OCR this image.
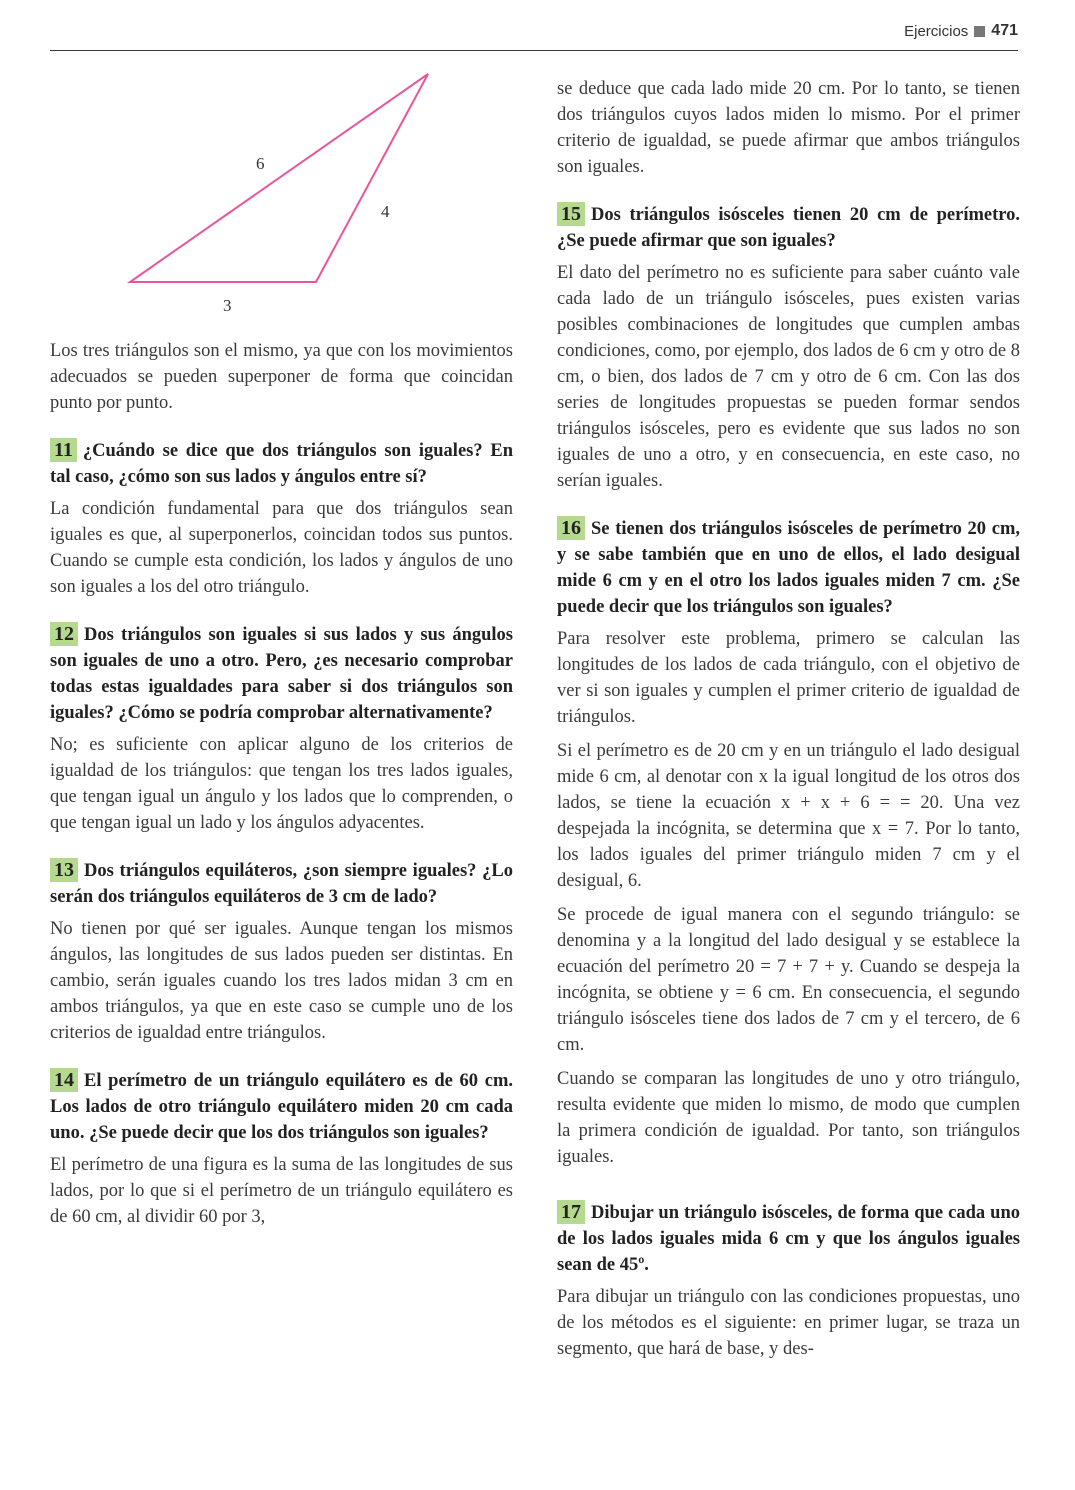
Ejercicios 471
6
4
3

Los tres triángulos son el mismo, ya que con los movimientos adecuados se pueden superponer de forma que coincidan punto por punto.

11 ¿Cuándo se dice que dos triángulos son iguales? En tal caso, ¿cómo son sus lados y ángulos entre sí?

La condición fundamental para que dos triángulos sean iguales es que, al superponerlos, coincidan todos sus puntos. Cuando se cumple esta condición, los lados y ángulos de uno son iguales a los del otro triángulo.

12 Dos triángulos son iguales si sus lados y sus ángulos son iguales de uno a otro. Pero, ¿es necesario comprobar todas estas igualdades para saber si dos triángulos son iguales? ¿Cómo se podría comprobar alternativamente?

No; es suficiente con aplicar alguno de los criterios de igualdad de los triángulos: que tengan los tres lados iguales, que tengan igual un ángulo y los lados que lo comprenden, o que tengan igual un lado y los ángulos adyacentes.

13 Dos triángulos equiláteros, ¿son siempre iguales? ¿Lo serán dos triángulos equiláteros de 3 cm de lado?

No tienen por qué ser iguales. Aunque tengan los mismos ángulos, las longitudes de sus lados pueden ser distintas. En cambio, serán iguales cuando los tres lados midan 3 cm en ambos triángulos, ya que en este caso se cumple uno de los criterios de igualdad entre triángulos.

14 El perímetro de un triángulo equilátero es de 60 cm. Los lados de otro triángulo equilátero miden 20 cm cada uno. ¿Se puede decir que los dos triángulos son iguales?

El perímetro de una figura es la suma de las longitudes de sus lados, por lo que si el perímetro de un triángulo equilátero es de 60 cm, al dividir 60 por 3,

se deduce que cada lado mide 20 cm. Por lo tanto, se tienen dos triángulos cuyos lados miden lo mismo. Por el primer criterio de igualdad, se puede afirmar que ambos triángulos son iguales.

15 Dos triángulos isósceles tienen 20 cm de perímetro. ¿Se puede afirmar que son iguales?

El dato del perímetro no es suficiente para saber cuánto vale cada lado de un triángulo isósceles, pues existen varias posibles combinaciones de longitudes que cumplen ambas condiciones, como, por ejemplo, dos lados de 6 cm y otro de 8 cm, o bien, dos lados de 7 cm y otro de 6 cm. Con las dos series de longitudes propuestas se pueden formar sendos triángulos isósceles, pero es evidente que sus lados no son iguales de uno a otro, y en consecuencia, en este caso, no serían iguales.

16 Se tienen dos triángulos isósceles de perímetro 20 cm, y se sabe también que en uno de ellos, el lado desigual mide 6 cm y en el otro los lados iguales miden 7 cm. ¿Se puede decir que los triángulos son iguales?

Para resolver este problema, primero se calculan las longitudes de los lados de cada triángulo, con el objetivo de ver si son iguales y cumplen el primer criterio de igualdad de triángulos.

Si el perímetro es de 20 cm y en un triángulo el lado desigual mide 6 cm, al denotar con x la igual longitud de los otros dos lados, se tiene la ecuación x + x + 6 = = 20. Una vez despejada la incógnita, se determina que x = 7. Por lo tanto, los lados iguales del primer triángulo miden 7 cm y el desigual, 6.

Se procede de igual manera con el segundo triángulo: se denomina y a la longitud del lado desigual y se establece la ecuación del perímetro 20 = 7 + 7 + y. Cuando se despeja la incógnita, se obtiene y = 6 cm. En consecuencia, el segundo triángulo isósceles tiene dos lados de 7 cm y el tercero, de 6 cm.

Cuando se comparan las longitudes de uno y otro triángulo, resulta evidente que miden lo mismo, de modo que cumplen la primera condición de igualdad. Por tanto, son triángulos iguales.

17 Dibujar un triángulo isósceles, de forma que cada uno de los lados iguales mida 6 cm y que los ángulos iguales sean de 45º.

Para dibujar un triángulo con las condiciones propuestas, uno de los métodos es el siguiente: en primer lugar, se traza un segmento, que hará de base, y des-
